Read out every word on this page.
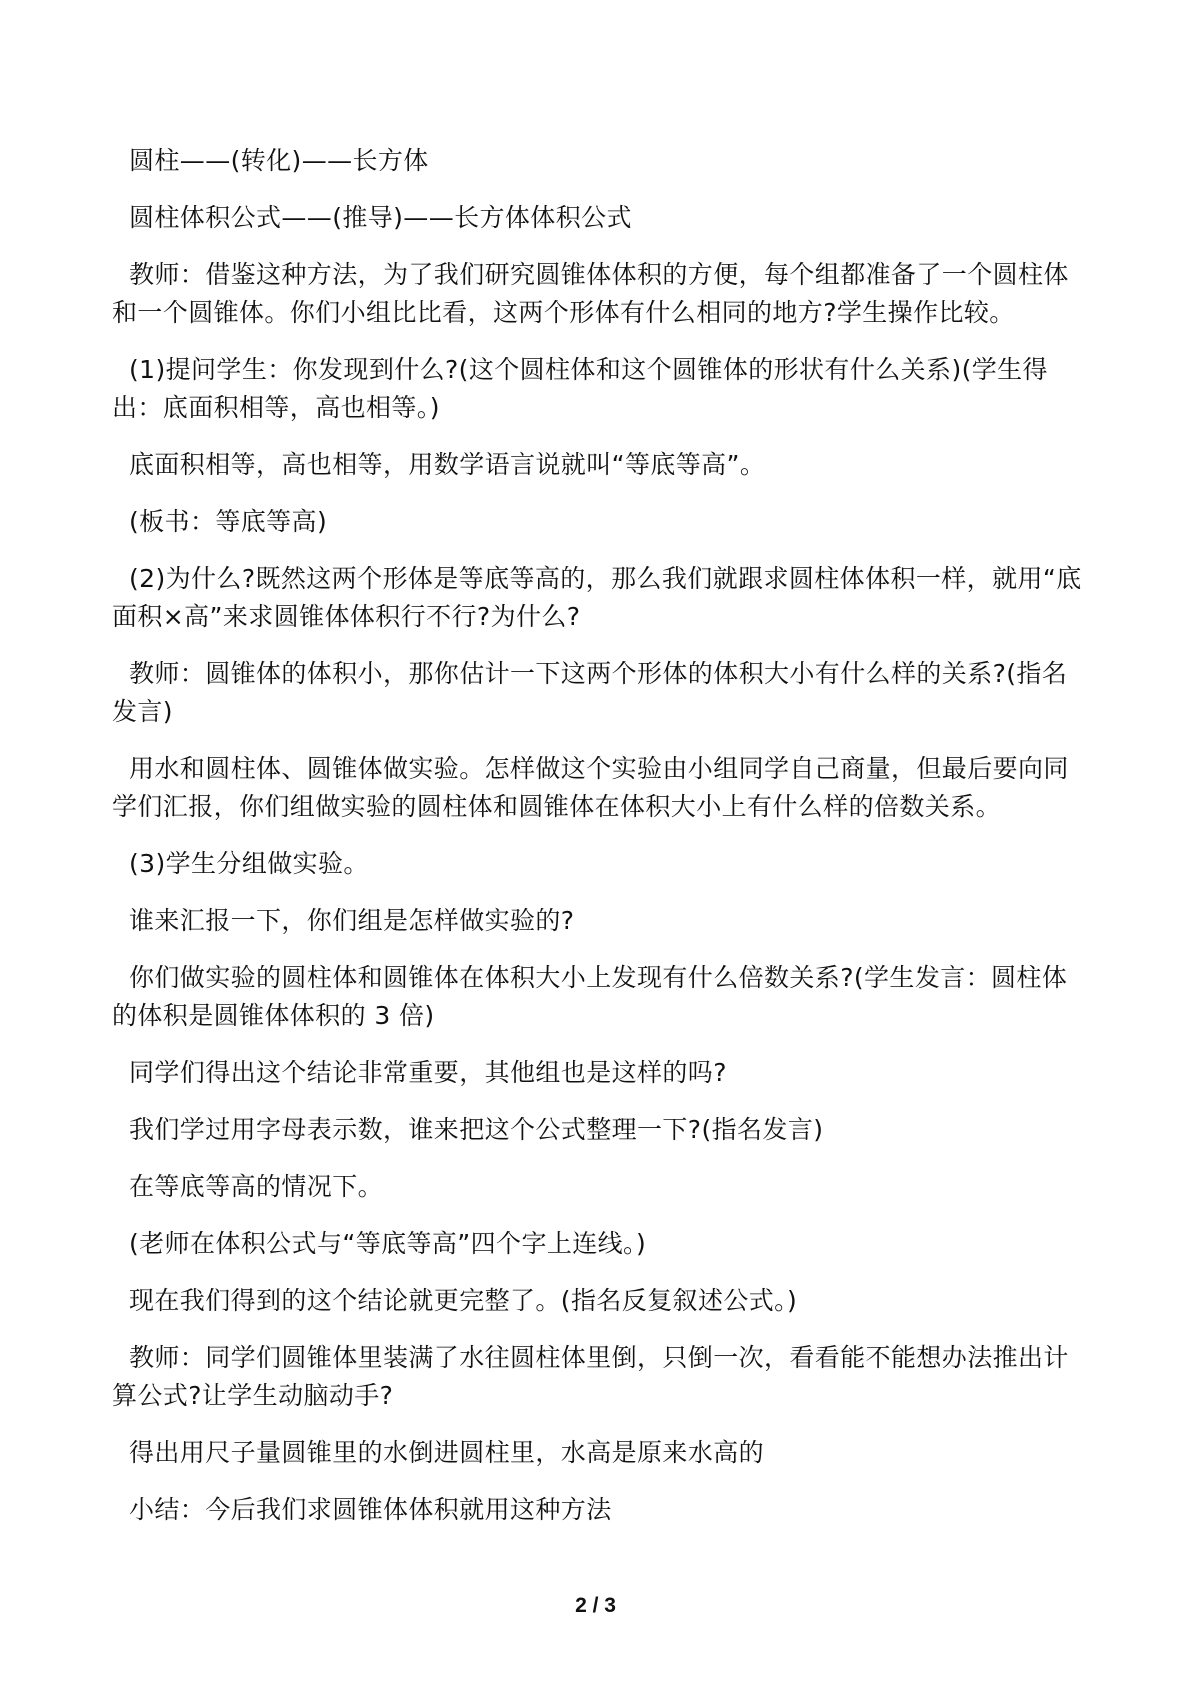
圆柱——(转化)——长方体

圆柱体积公式——(推导)——长方体体积公式

教师：借鉴这种方法，为了我们研究圆锥体体积的方便，每个组都准备了一个圆柱体和一个圆锥体。你们小组比比看，这两个形体有什么相同的地方?学生操作比较。

(1)提问学生：你发现到什么?(这个圆柱体和这个圆锥体的形状有什么关系)(学生得出：底面积相等，高也相等。)

底面积相等，高也相等，用数学语言说就叫“等底等高”。

(板书：等底等高)

(2)为什么?既然这两个形体是等底等高的，那么我们就跟求圆柱体体积一样，就用“底面积×高”来求圆锥体体积行不行?为什么?

教师：圆锥体的体积小，那你估计一下这两个形体的体积大小有什么样的关系?(指名发言)

用水和圆柱体、圆锥体做实验。怎样做这个实验由小组同学自己商量，但最后要向同学们汇报，你们组做实验的圆柱体和圆锥体在体积大小上有什么样的倍数关系。

(3)学生分组做实验。

谁来汇报一下，你们组是怎样做实验的?

你们做实验的圆柱体和圆锥体在体积大小上发现有什么倍数关系?(学生发言：圆柱体的体积是圆锥体体积的 3 倍)

同学们得出这个结论非常重要，其他组也是这样的吗?

我们学过用字母表示数，谁来把这个公式整理一下?(指名发言)

在等底等高的情况下。

(老师在体积公式与“等底等高”四个字上连线。)

现在我们得到的这个结论就更完整了。(指名反复叙述公式。)

教师：同学们圆锥体里装满了水往圆柱体里倒，只倒一次，看看能不能想办法推出计算公式?让学生动脑动手?

得出用尺子量圆锥里的水倒进圆柱里，水高是原来水高的

小结：今后我们求圆锥体体积就用这种方法

2 / 3
